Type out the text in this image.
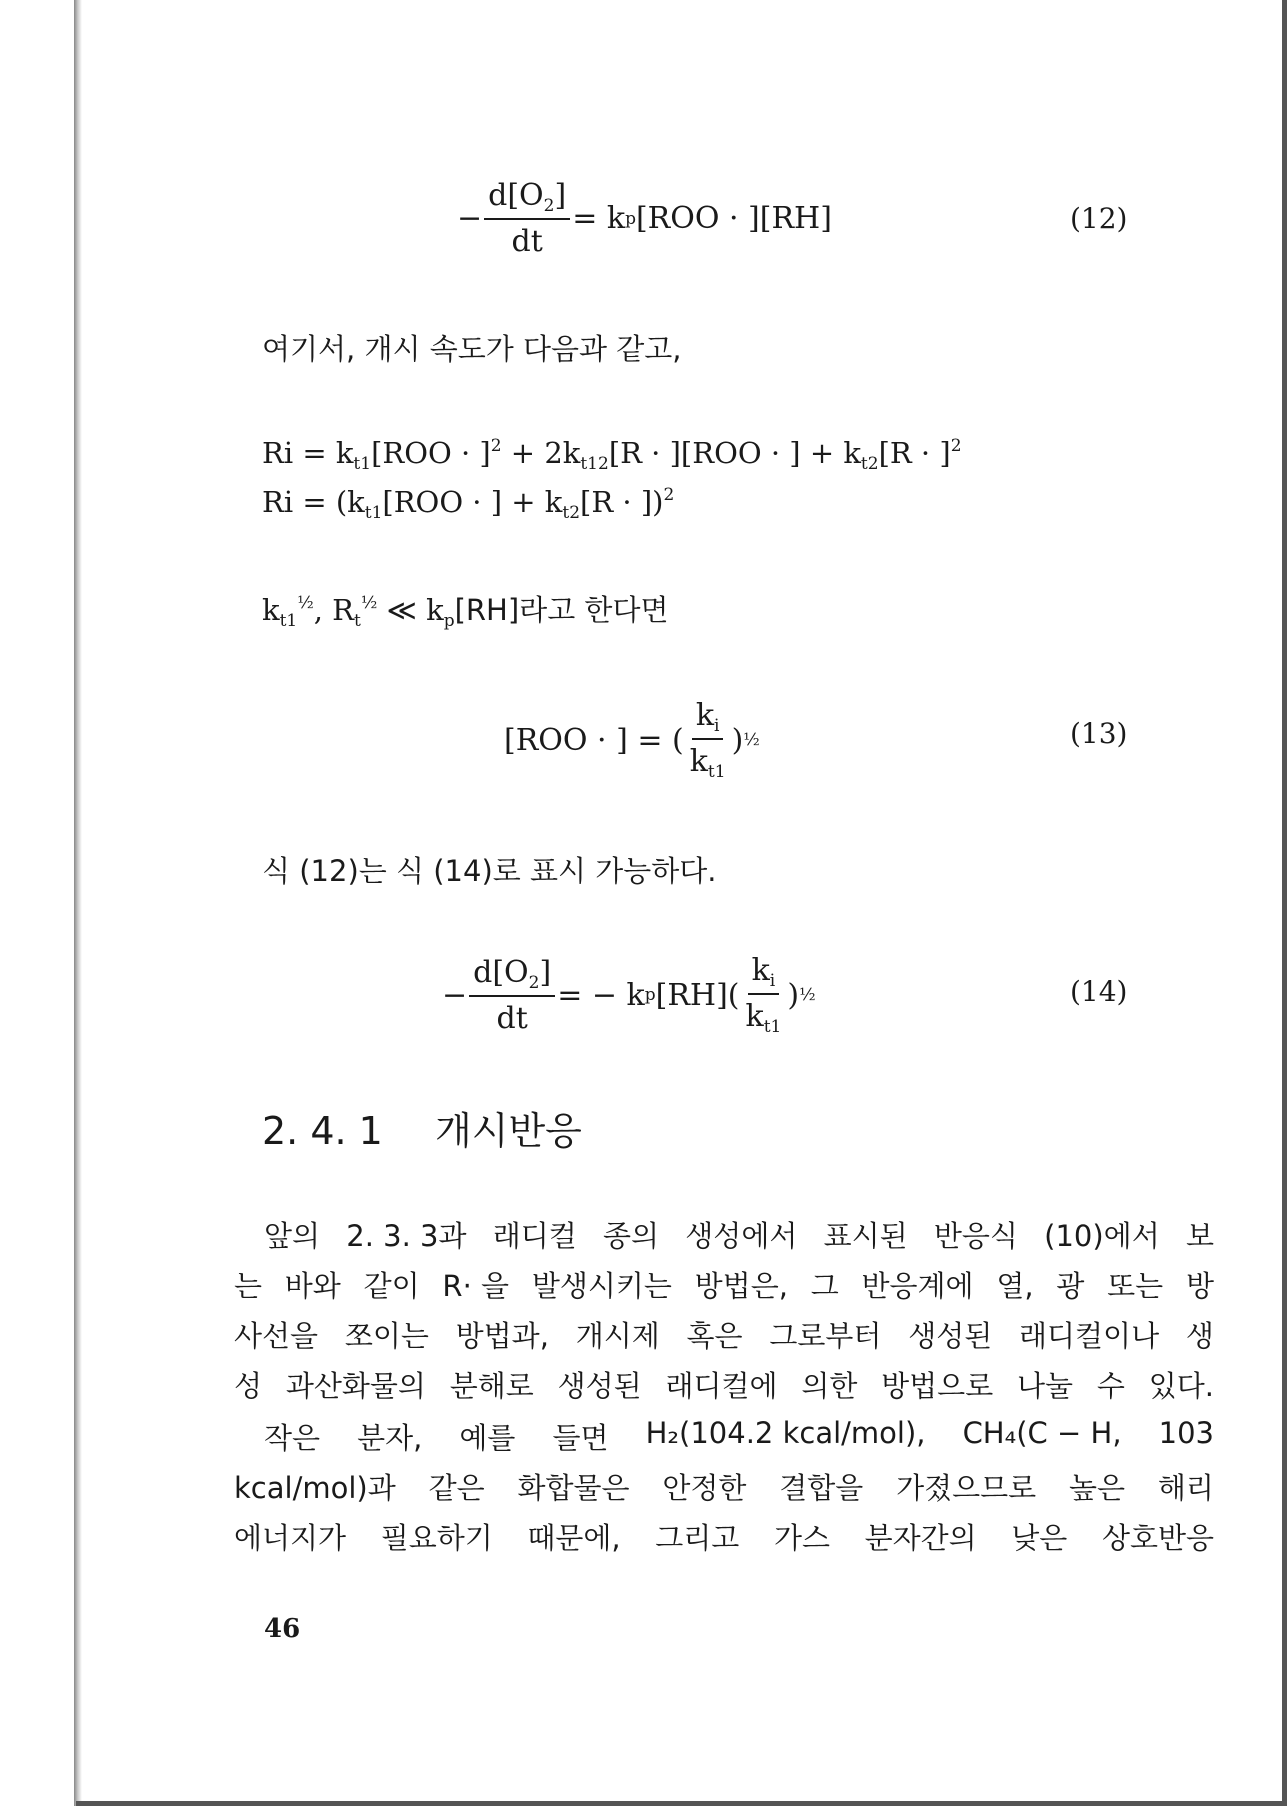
− $\frac{d[O_2]}{dt} = k$ p [ROO · ][RH]	(12)
여기서, 개시 속도가 다음과 같고,
$Ri = k_{t1}[ROO \cdot ]^2 + 2k_{t12}[R \cdot ][ROO$ · ] + $k_{t2}[R \cdot ]^2$
$Ri = (k_{t1}[ROO$ · ] + $k_{t2}[R \cdot ])^2$
$k_{t1}^{\frac{1}{2}}$, $R_t^{\frac{1}{2}}$ ≪ $k_p[RH]$라고 한다면
[ROO · ] = ( $\frac{k_i}{k_{t1}}$ ) ½	(13)
식 (12)는 식 (14)로 표시 가능하다.
− $\frac{d[O_2]}{dt}$ = − k p $[RH]( \frac{k_i}{k_{t1}}$ ) ½	(14)
2. 4. 1 개시반응
앞의 2. 3. 3과 래디컬 종의 생성에서 표시된 반응식 (10)에서 보
는 바와 같이 R· 을 발생시키는 방법은, 그 반응계에 열, 광 또는 방
사선을 쪼이는 방법과, 개시제 혹은 그로부터 생성된 래디컬이나 생
성 과산화물의 분해로 생성된 래디컬에 의한 방법으로 나눌 수 있다.
작은 분자, 예를 들면 H₂(104.2 kcal/mol), CH₄(C − H, 103
kcal/mol)과 같은 화합물은 안정한 결합을 가졌으므로 높은 해리
에너지가 필요하기 때문에, 그리고 가스 분자간의 낮은 상호반응
46
